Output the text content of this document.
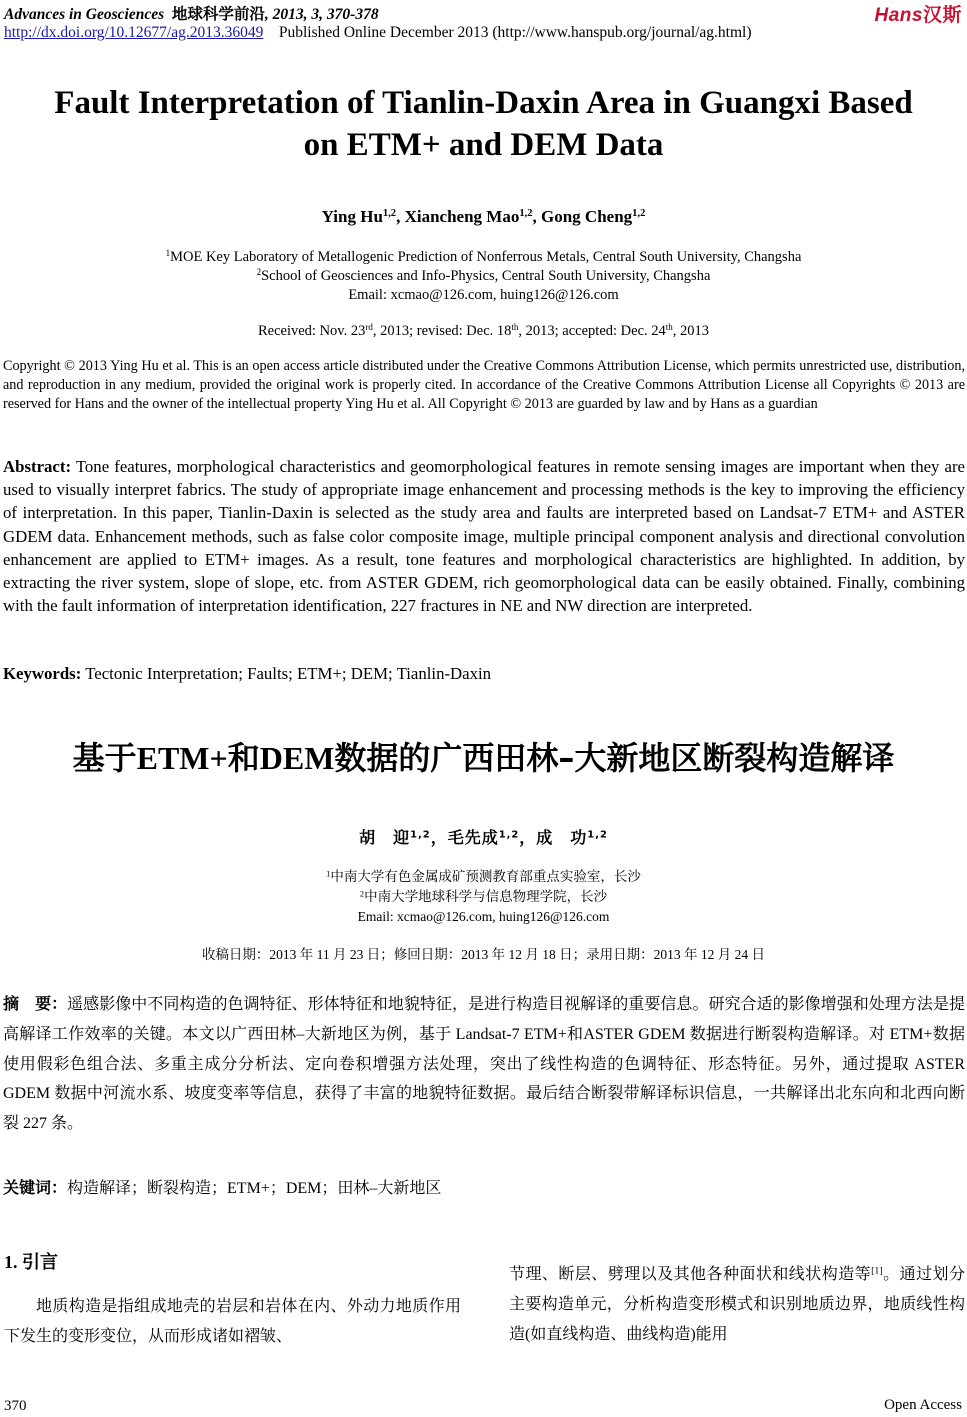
Advances in Geosciences 地球科学前沿, 2013, 3, 370-378
http://dx.doi.org/10.12677/ag.2013.36049 Published Online December 2013 (http://www.hanspub.org/journal/ag.html)
Hans汉斯
Fault Interpretation of Tianlin-Daxin Area in Guangxi Based
on ETM+ and DEM Data
Ying Hu$^{1,2}$, Xiancheng Mao$^{1,2}$, Gong Cheng$^{1,2}$
$^1$MOE Key Laboratory of Metallogenic Prediction of Nonferrous Metals, Central South University, Changsha
$^2$School of Geosciences and Info-Physics, Central South University, Changsha
Email: xcmao@126.com, huing126@126.com
Received: Nov. 23rd, 2013; revised: Dec. 18th, 2013; accepted: Dec. 24th, 2013
Copyright © 2013 Ying Hu et al. This is an open access article distributed under the Creative Commons Attribution License, which permits unrestricted use, distribution, and reproduction in any medium, provided the original work is properly cited. In accordance of the Creative Commons Attribution License all Copyrights © 2013 are reserved for Hans and the owner of the intellectual property Ying Hu et al. All Copyright © 2013 are guarded by law and by Hans as a guardian
Abstract: Tone features, morphological characteristics and geomorphological features in remote sensing images are important when they are used to visually interpret fabrics. The study of appropriate image enhancement and processing methods is the key to improving the efficiency of interpretation. In this paper, Tianlin-Daxin is selected as the study area and faults are interpreted based on Landsat-7 ETM+ and ASTER GDEM data. Enhancement methods, such as false color composite image, multiple principal component analysis and directional convolution enhancement are applied to ETM+ images. As a result, tone features and morphological characteristics are highlighted. In addition, by extracting the river system, slope of slope, etc. from ASTER GDEM, rich geomorphological data can be easily obtained. Finally, combining with the fault information of interpretation identification, 227 fractures in NE and NW direction are interpreted.
Keywords: Tectonic Interpretation; Faults; ETM+; DEM; Tianlin-Daxin
基于ETM+和DEM数据的广西田林–大新地区断裂构造解译
胡　迎$^{1,2}$，毛先成$^{1,2}$，成　功$^{1,2}$
$^1$中南大学有色金属成矿预测教育部重点实验室，长沙
$^2$中南大学地球科学与信息物理学院，长沙
Email: xcmao@126.com, huing126@126.com
收稿日期：2013 年 11 月 23 日；修回日期：2013 年 12 月 18 日；录用日期：2013 年 12 月 24 日
摘　要：遥感影像中不同构造的色调特征、形体特征和地貌特征，是进行构造目视解译的重要信息。研究合适的影像增强和处理方法是提高解译工作效率的关键。本文以广西田林–大新地区为例，基于 Landsat-7 ETM+和ASTER GDEM 数据进行断裂构造解译。对 ETM+数据使用假彩色组合法、多重主成分分析法、定向卷积增强方法处理，突出了线性构造的色调特征、形态特征。另外，通过提取 ASTER GDEM 数据中河流水系、坡度变率等信息，获得了丰富的地貌特征数据。最后结合断裂带解译标识信息，一共解译出北东向和北西向断裂 227 条。
关键词：构造解译；断裂构造；ETM+；DEM；田林–大新地区
1. 引言
地质构造是指组成地壳的岩层和岩体在内、外动力地质作用下发生的变形变位，从而形成诸如褶皱、
节理、断层、劈理以及其他各种面状和线状构造等[1]。通过划分主要构造单元，分析构造变形模式和识别地质边界，地质线性构造(如直线构造、曲线构造)能用
370	Open Access
